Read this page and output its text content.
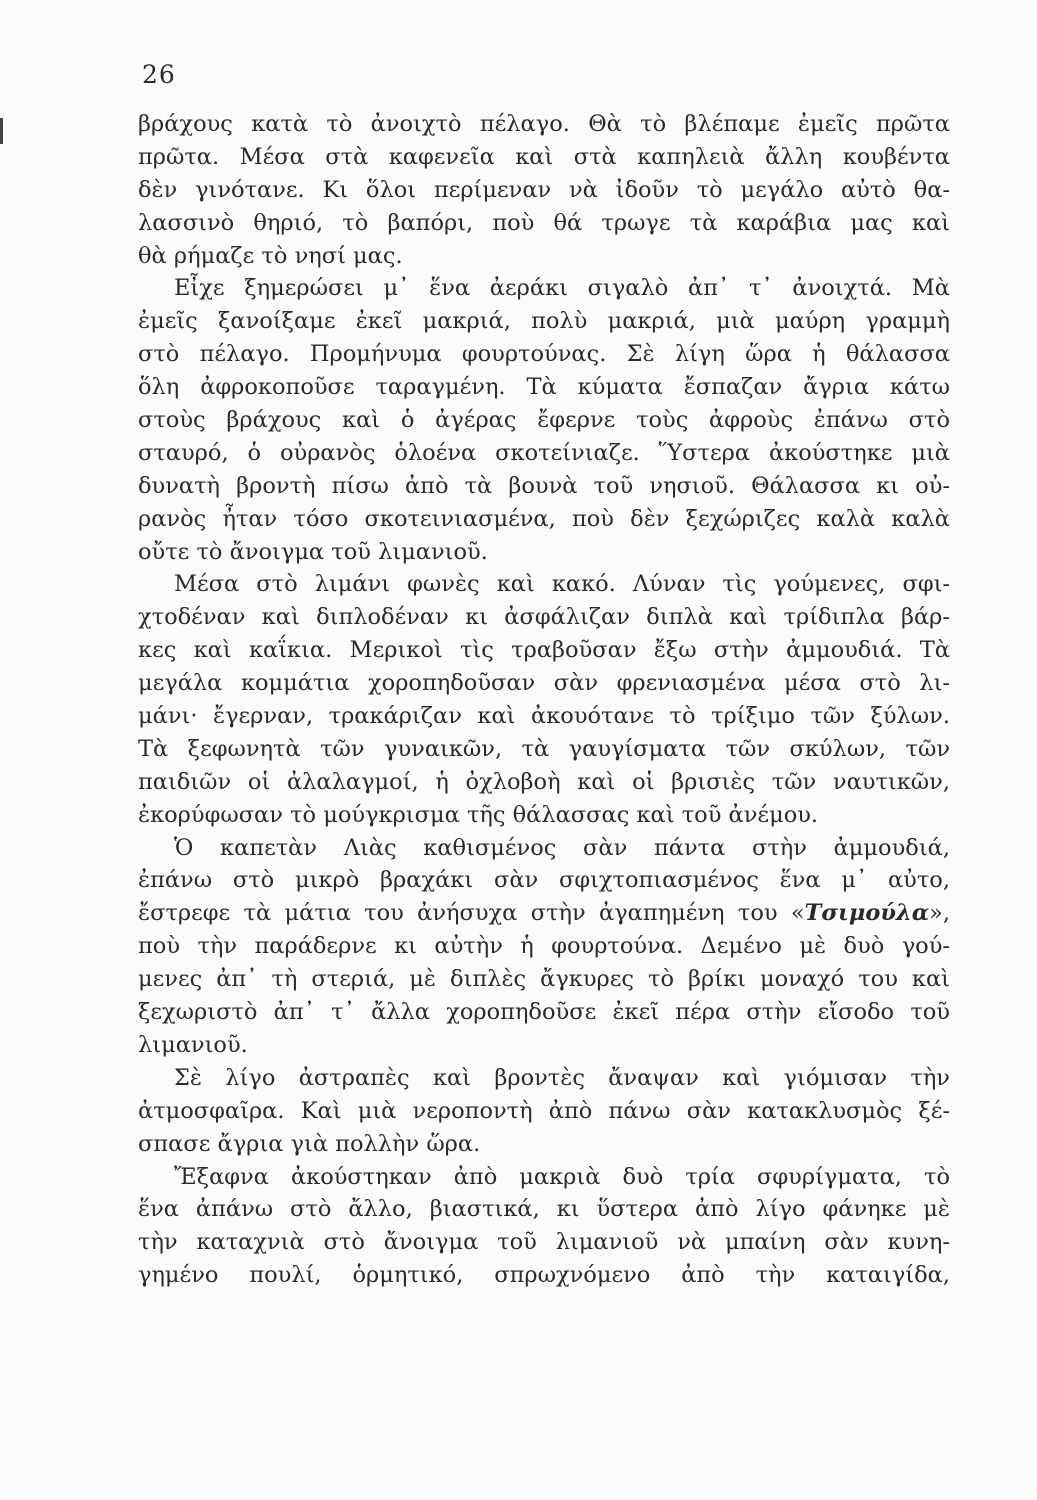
26
βράχους κατὰ τὸ ἀνοιχτὸ πέλαγο. Θὰ τὸ βλέπαμε ἐμεῖς πρῶτα
πρῶτα. Μέσα στὰ καφενεῖα καὶ στὰ καπηλειὰ ἄλλη κουβέντα
δὲν γινότανε. Κι ὅλοι περίμεναν νὰ ἰδοῦν τὸ μεγάλο αὐτὸ θα-
λασσινὸ θηριό, τὸ βαπόρι, ποὺ θά τρωγε τὰ καράβια μας καὶ
θὰ ρήμαζε τὸ νησί μας.
Εἶχε ξημερώσει μ᾽ ἕνα ἀεράκι σιγαλὸ ἀπ᾽ τ᾽ ἀνοιχτά. Μὰ
ἐμεῖς ξανοίξαμε ἐκεῖ μακριά, πολὺ μακριά, μιὰ μαύρη γραμμὴ
στὸ πέλαγο. Προμήνυμα φουρτούνας. Σὲ λίγη ὥρα ἡ θάλασσα
ὅλη ἀφροκοποῦσε ταραγμένη. Τὰ κύματα ἔσπαζαν ἄγρια κάτω
στοὺς βράχους καὶ ὁ ἀγέρας ἔφερνε τοὺς ἀφροὺς ἐπάνω στὸ
σταυρό, ὁ οὐρανὸς ὁλοένα σκοτείνιαζε. Ὕστερα ἀκούστηκε μιὰ
δυνατὴ βροντὴ πίσω ἀπὸ τὰ βουνὰ τοῦ νησιοῦ. Θάλασσα κι οὐ-
ρανὸς ἦταν τόσο σκοτεινιασμένα, ποὺ δὲν ξεχώριζες καλὰ καλὰ
οὔτε τὸ ἄνοιγμα τοῦ λιμανιοῦ.
Μέσα στὸ λιμάνι φωνὲς καὶ κακό. Λύναν τὶς γούμενες, σφι-
χτοδέναν καὶ διπλοδέναν κι ἀσφάλιζαν διπλὰ καὶ τρίδιπλα βάρ-
κες καὶ καΐκια. Μερικοὶ τὶς τραβοῦσαν ἔξω στὴν ἀμμουδιά. Τὰ
μεγάλα κομμάτια χοροπηδοῦσαν σὰν φρενιασμένα μέσα στὸ λι-
μάνι· ἔγερναν, τρακάριζαν καὶ ἀκουότανε τὸ τρίξιμο τῶν ξύλων.
Τὰ ξεφωνητὰ τῶν γυναικῶν, τὰ γαυγίσματα τῶν σκύλων, τῶν
παιδιῶν οἱ ἀλαλαγμοί, ἡ ὀχλοβοὴ καὶ οἱ βρισιὲς τῶν ναυτικῶν,
ἐκορύφωσαν τὸ μούγκρισμα τῆς θάλασσας καὶ τοῦ ἀνέμου.
Ὁ καπετὰν Λιὰς καθισμένος σὰν πάντα στὴν ἀμμουδιά,
ἐπάνω στὸ μικρὸ βραχάκι σὰν σφιχτοπιασμένος ἕνα μ᾽ αὐτο,
ἔστρεφε τὰ μάτια του ἀνήσυχα στὴν ἀγαπημένη του «Τσιμούλα»,
ποὺ τὴν παράδερνε κι αὐτὴν ἡ φουρτούνα. Δεμένο μὲ δυὸ γού-
μενες ἀπ᾽ τὴ στεριά, μὲ διπλὲς ἄγκυρες τὸ βρίκι μοναχό του καὶ
ξεχωριστὸ ἀπ᾽ τ᾽ ἄλλα χοροπηδοῦσε ἐκεῖ πέρα στὴν εἴσοδο τοῦ
λιμανιοῦ.
Σὲ λίγο ἀστραπὲς καὶ βροντὲς ἄναψαν καὶ γιόμισαν τὴν
ἀτμοσφαῖρα. Καὶ μιὰ νεροποντὴ ἀπὸ πάνω σὰν κατακλυσμὸς ξέ-
σπασε ἄγρια γιὰ πολλὴν ὥρα.
Ἔξαφνα ἀκούστηκαν ἀπὸ μακριὰ δυὸ τρία σφυρίγματα, τὸ
ἕνα ἀπάνω στὸ ἄλλο, βιαστικά, κι ὕστερα ἀπὸ λίγο φάνηκε μὲ
τὴν καταχνιὰ στὸ ἄνοιγμα τοῦ λιμανιοῦ νὰ μπαίνη σὰν κυνη-
γημένο πουλί, ὁρμητικό, σπρωχνόμενο ἀπὸ τὴν καταιγίδα,
